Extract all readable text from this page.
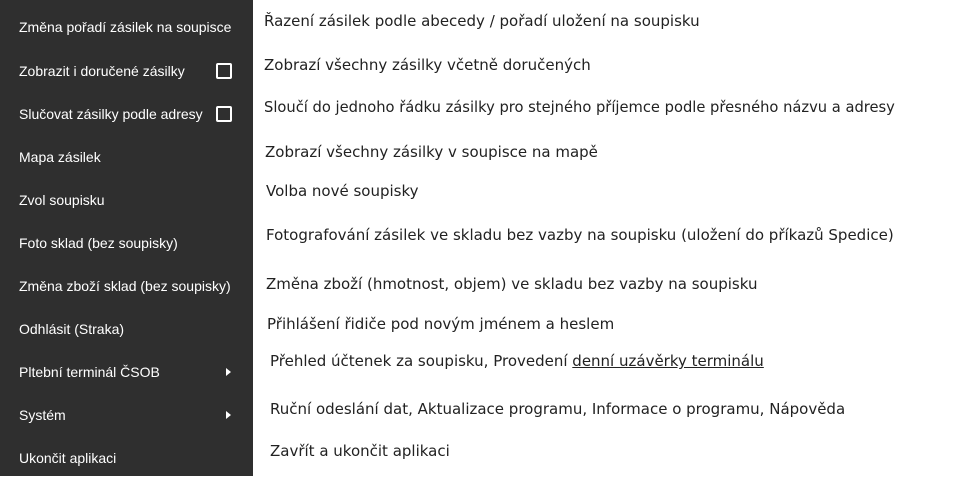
Změna pořadí zásilek na soupisce
Zobrazit i doručené zásilky
Slučovat zásilky podle adresy
Mapa zásilek
Zvol soupisku
Foto sklad (bez soupisky)
Změna zboží sklad (bez soupisky)
Odhlásit (Straka)
Pltební terminál ČSOB
Systém
Ukončit aplikaci
Řazení zásilek podle abecedy / pořadí uložení na soupisku
Zobrazí všechny zásilky včetně doručených
Sloučí do jednoho řádku zásilky pro stejného příjemce podle přesného názvu a adresy
Zobrazí všechny zásilky v soupisce na mapě
Volba nové soupisky
Fotografování zásilek ve skladu bez vazby na soupisku (uložení do příkazů Spedice)
Změna zboží (hmotnost, objem) ve skladu bez vazby na soupisku
Přihlášení řidiče pod novým jménem a heslem
Přehled účtenek za soupisku, Provedení denní uzávěrky terminálu
Ruční odeslání dat, Aktualizace programu, Informace o programu, Nápověda
Zavřít a ukončit aplikaci
